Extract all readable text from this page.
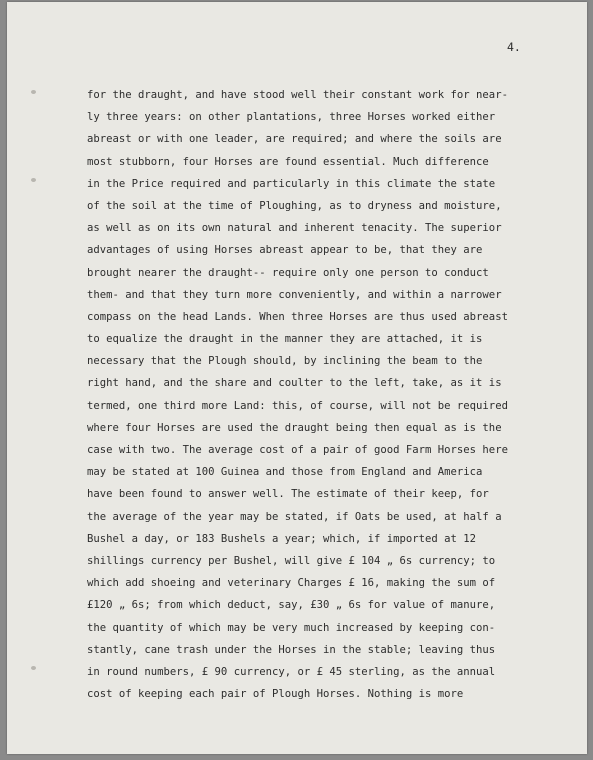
4.
for the draught, and have stood well their constant work for near-
ly three years: on other plantations, three Horses worked either
abreast or with one leader, are required; and where the soils are
most stubborn, four Horses are found essential. Much difference
in the Price required and particularly in this climate the state
of the soil at the time of Ploughing, as to dryness and moisture,
as well as on its own natural and inherent tenacity. The superior
advantages of using Horses abreast appear to be, that they are
brought nearer the draught-- require only one person to conduct
them- and that they turn more conveniently, and within a narrower
compass on the head Lands. When three Horses are thus used abreast
to equalize the draught in the manner they are attached, it is
necessary that the Plough should, by inclining the beam to the
right hand, and the share and coulter to the left, take, as it is
termed, one third more Land: this, of course, will not be required
where four Horses are used the draught being then equal as is the
case with two. The average cost of a pair of good Farm Horses here
may be stated at 100 Guinea and those from England and America
have been found to answer well. The estimate of their keep, for
the average of the year may be stated, if Oats be used, at half a
Bushel a day, or 183 Bushels a year; which, if imported at 12
shillings currency per Bushel, will give £ 104 „ 6s currency; to
which add shoeing and veterinary Charges £ 16, making the sum of
£120 „ 6s; from which deduct, say, £30 „ 6s for value of manure,
the quantity of which may be very much increased by keeping con-
stantly, cane trash under the Horses in the stable; leaving thus
in round numbers, £ 90 currency, or £ 45 sterling, as the annual
cost of keeping each pair of Plough Horses. Nothing is more
